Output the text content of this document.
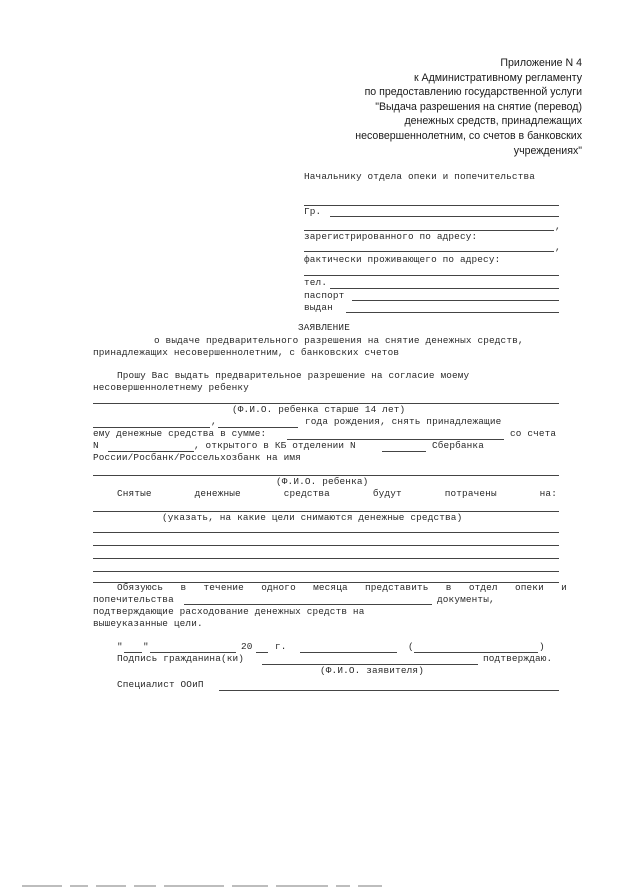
Приложение N 4
к Административному регламенту
по предоставлению государственной услуги
"Выдача разрешения на снятие (перевод)
денежных средств, принадлежащих
несовершеннолетним, со счетов в банковских
учреждениях"
Начальнику отдела опеки и попечительства
Гр.
,
зарегистрированного по адресу:
,
фактически проживающего по адресу:
тел.
паспорт
выдан
ЗАЯВЛЕНИЕ
о выдаче предварительного разрешения на снятие денежных средств,
принадлежащих несовершеннолетним, с банковских счетов
Прошу Вас выдать предварительное разрешение на согласие моему
несовершеннолетнему ребенку
(Ф.И.О. ребенка старше 14 лет)
,	года рождения, снять принадлежащие
ему денежные средства в сумме:	со счета
N	, открытого в КБ отделении N	Сбербанка
России/Росбанк/Россельхозбанк на имя
(Ф.И.О. ребенка)
Снятые	денежные	средства	будут	потрачены	на:
(указать, на какие цели снимаются денежные средства)
Обязуюсь в течение одного месяца представить в отдел опеки и
попечительства	документы,
подтверждающие расходование денежных средств на
вышеуказанные цели.
" "	20 г.	(	)
Подпись гражданина(ки)	подтверждаю.
(Ф.И.О. заявителя)
Специалист ООиП
